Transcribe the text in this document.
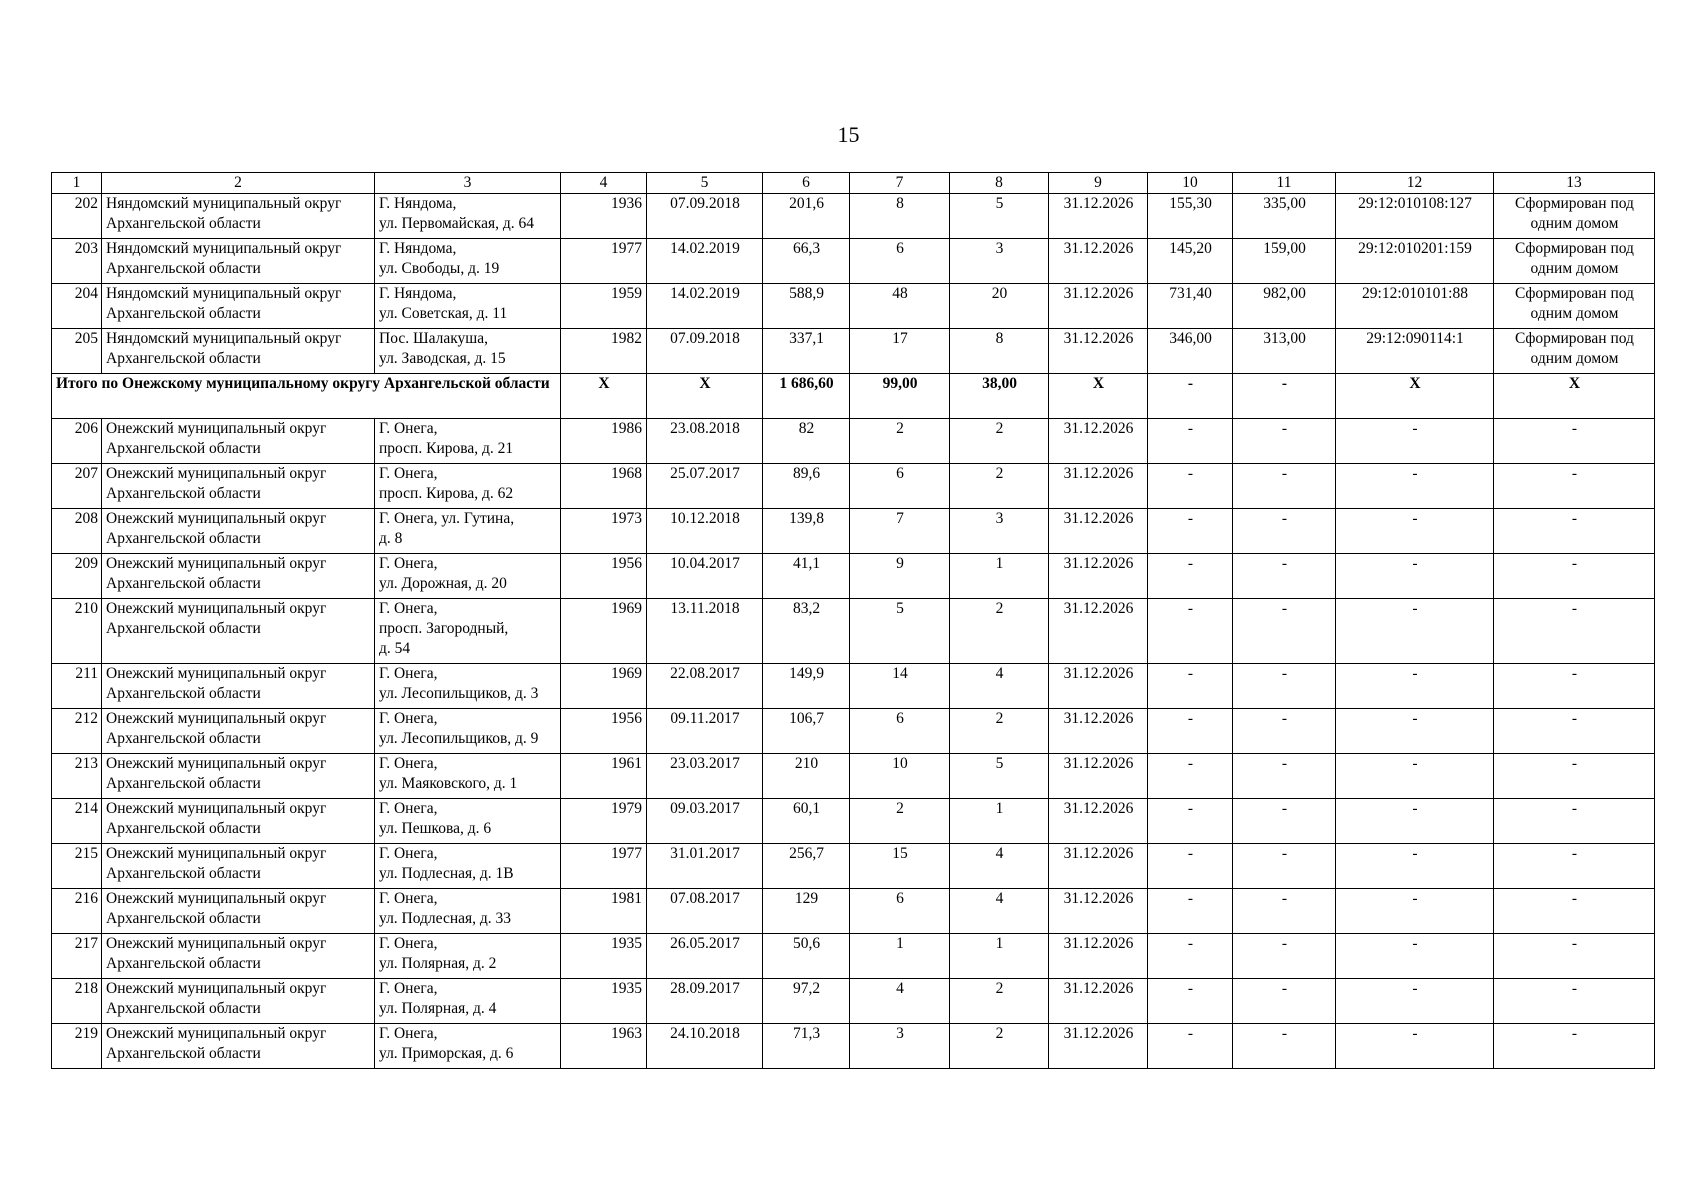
15
1	2	3	4	5	6	7	8	9	10	11	12	13
202	Няндомский муниципальный округ Архангельской области	Г. Няндома,
ул. Первомайская, д. 64	1936	07.09.2018	201,6	8	5	31.12.2026	155,30	335,00	29:12:010108:127	Сформирован под одним домом
203	Няндомский муниципальный округ Архангельской области	Г. Няндома,
ул. Свободы, д. 19	1977	14.02.2019	66,3	6	3	31.12.2026	145,20	159,00	29:12:010201:159	Сформирован под одним домом
204	Няндомский муниципальный округ Архангельской области	Г. Няндома,
ул. Советская, д. 11	1959	14.02.2019	588,9	48	20	31.12.2026	731,40	982,00	29:12:010101:88	Сформирован под одним домом
205	Няндомский муниципальный округ Архангельской области	Пос. Шалакуша,
ул. Заводская, д. 15	1982	07.09.2018	337,1	17	8	31.12.2026	346,00	313,00	29:12:090114:1	Сформирован под одним домом
Итого по Онежскому муниципальному округу Архангельской области			X	X	1 686,60	99,00	38,00	X	-	-	X	X
206	Онежский муниципальный округ Архангельской области	Г. Онега,
просп. Кирова, д. 21	1986	23.08.2018	82	2	2	31.12.2026	-	-	-	-
207	Онежский муниципальный округ Архангельской области	Г. Онега,
просп. Кирова, д. 62	1968	25.07.2017	89,6	6	2	31.12.2026	-	-	-	-
208	Онежский муниципальный округ Архангельской области	Г. Онега, ул. Гутина,
д. 8	1973	10.12.2018	139,8	7	3	31.12.2026	-	-	-	-
209	Онежский муниципальный округ Архангельской области	Г. Онега,
ул. Дорожная, д. 20	1956	10.04.2017	41,1	9	1	31.12.2026	-	-	-	-
210	Онежский муниципальный округ Архангельской области	Г. Онега,
просп. Загородный,
д. 54	1969	13.11.2018	83,2	5	2	31.12.2026	-	-	-	-
211	Онежский муниципальный округ Архангельской области	Г. Онега,
ул. Лесопильщиков, д. 3	1969	22.08.2017	149,9	14	4	31.12.2026	-	-	-	-
212	Онежский муниципальный округ Архангельской области	Г. Онега,
ул. Лесопильщиков, д. 9	1956	09.11.2017	106,7	6	2	31.12.2026	-	-	-	-
213	Онежский муниципальный округ Архангельской области	Г. Онега,
ул. Маяковского, д. 1	1961	23.03.2017	210	10	5	31.12.2026	-	-	-	-
214	Онежский муниципальный округ Архангельской области	Г. Онега,
ул. Пешкова, д. 6	1979	09.03.2017	60,1	2	1	31.12.2026	-	-	-	-
215	Онежский муниципальный округ Архангельской области	Г. Онега,
ул. Подлесная, д. 1В	1977	31.01.2017	256,7	15	4	31.12.2026	-	-	-	-
216	Онежский муниципальный округ Архангельской области	Г. Онега,
ул. Подлесная, д. 33	1981	07.08.2017	129	6	4	31.12.2026	-	-	-	-
217	Онежский муниципальный округ Архангельской области	Г. Онега,
ул. Полярная, д. 2	1935	26.05.2017	50,6	1	1	31.12.2026	-	-	-	-
218	Онежский муниципальный округ Архангельской области	Г. Онега,
ул. Полярная, д. 4	1935	28.09.2017	97,2	4	2	31.12.2026	-	-	-	-
219	Онежский муниципальный округ Архангельской области	Г. Онега,
ул. Приморская, д. 6	1963	24.10.2018	71,3	3	2	31.12.2026	-	-	-	-
